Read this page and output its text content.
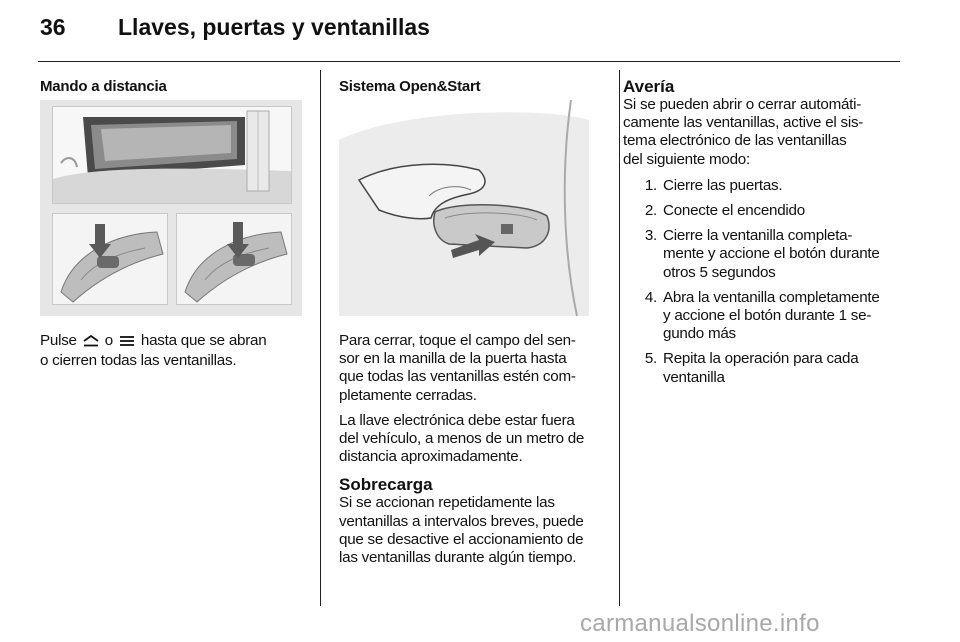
36 Llaves, puertas y ventanillas
Mando a distancia
Pulse o hasta que se abran
o cierren todas las ventanillas.
Sistema Open&Start

Para cerrar, toque el campo del sen-
sor en la manilla de la puerta hasta
que todas las ventanillas estén com-
pletamente cerradas.

La llave electrónica debe estar fuera
del vehículo, a menos de un metro de
distancia aproximadamente.

Sobrecarga

Si se accionan repetidamente las
ventanillas a intervalos breves, puede
que se desactive el accionamiento de
las ventanillas durante algún tiempo.

Avería

Si se pueden abrir o cerrar automáti-
camente las ventanillas, active el sis-
tema electrónico de las ventanillas
del siguiente modo:

1. Cierre las puertas.
2. Conecte el encendido
3. Cierre la ventanilla completa-
mente y accione el botón durante
otros 5 segundos
4. Abra la ventanilla completamente
y accione el botón durante 1 se-
gundo más
5. Repita la operación para cada
ventanilla
carmanualsonline.info
